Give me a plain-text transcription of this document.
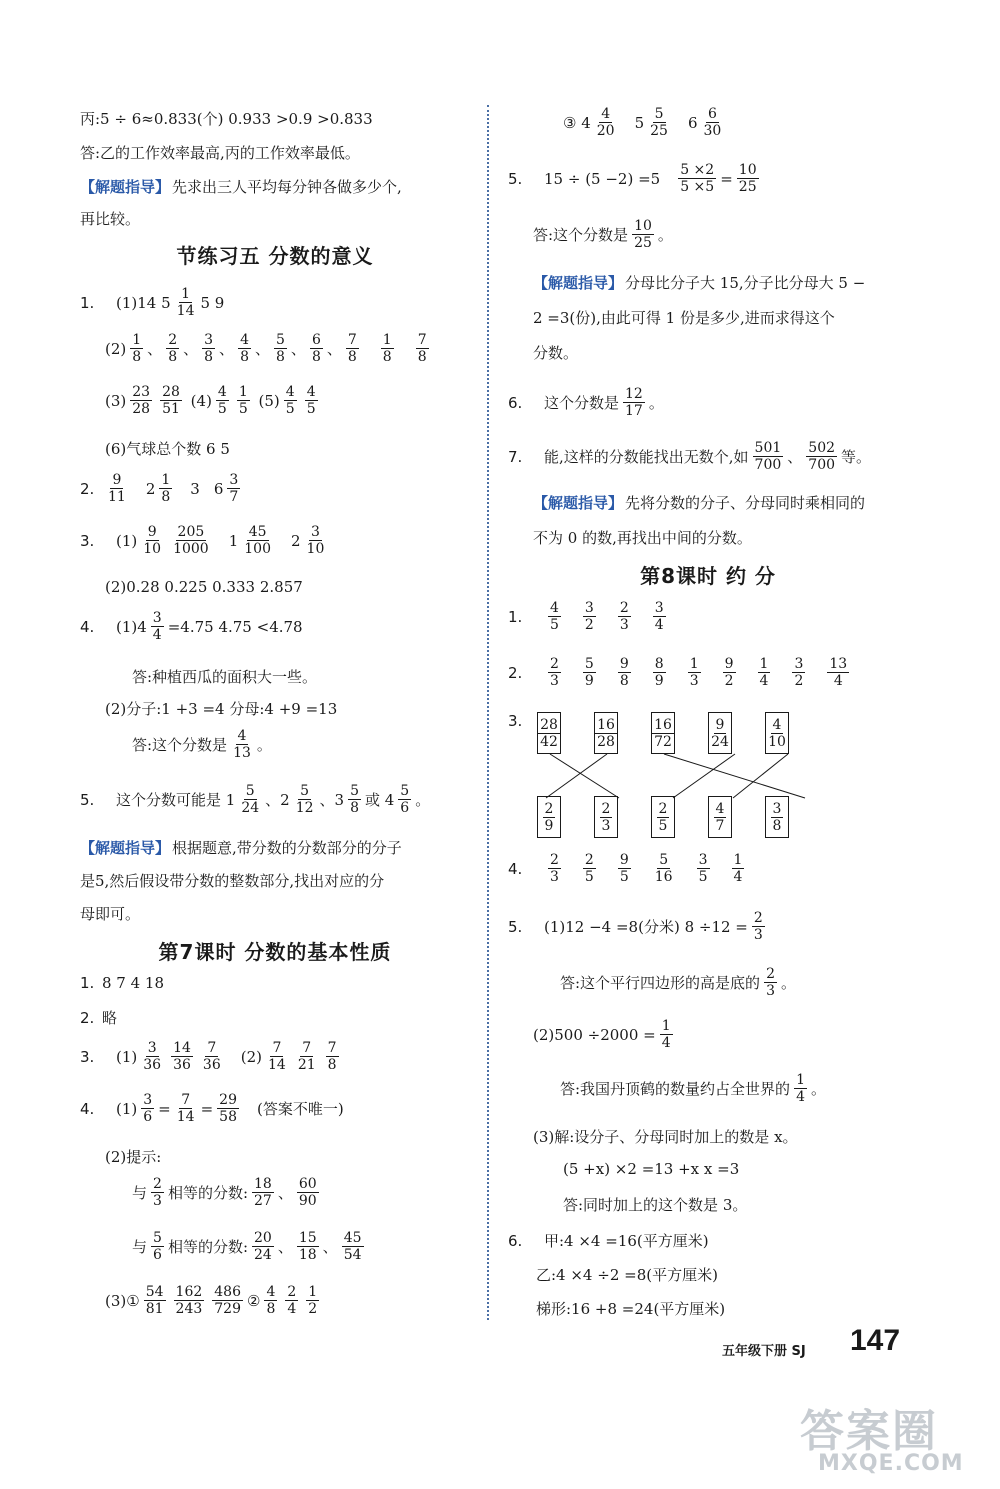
丙:5 ÷ 6≈0.833(个) 0.933 >0.9 >0.833
答:乙的工作效率最高,丙的工作效率最低。
【解题指导】 先求出三人平均每分钟各做多少个,
再比较。
节练习五 分数的意义
1.	(1)14 $5 \frac{1}{14} 5$ 9
$(2) \frac{1}{8}$ 、 $\frac{2}{8}$ 、 $\frac{3}{8}$ 、 $\frac{4}{8}$ 、 $\frac{5}{8}$ 、 $\frac{6}{8}$ 、 $\frac{7}{8} \frac{1}{8} \frac{7}{8}$
$(3) \frac{23}{28} \frac{28}{51} (4) \frac{4}{5} \frac{1}{5} (5) \frac{4}{5} \frac{4}{5}$
(6)气球总个数 6 5
2. $\frac{9}{11} 2 \frac{1}{8} 3$ $6 \frac{3}{7}$
3.	$(1) \frac{9}{10} \frac{205}{1000} 1 \frac{45}{100} 2 \frac{3}{10}$
(2)0.28 0.225 0.333 2.857
4.	$(1)4 \frac{3}{4} =4.75$ 4.75 <4.78
答:种植西瓜的面积大一些。
(2)分子:1 +3 =4 分母:4 +9 =13
答:这个分数是 $\frac{4}{13}$ 。
5.	这个分数可能是 $1 \frac{5}{24}$ 、$2 \frac{5}{12}$ 、$3 \frac{5}{8}$ 或 $4 \frac{5}{6}$ 。
【解题指导】 根据题意,带分数的分数部分的分子
是5,然后假设带分数的整数部分,找出对应的分
母即可。
第7课时 分数的基本性质
1. 8 7 4 18
2. 略
3.	$(1) \frac{3}{36} \frac{14}{36} \frac{7}{36} (2) \frac{7}{14} \frac{7}{21} \frac{7}{8}$
4.	$(1) \frac{3}{6} = \frac{7}{14} = \frac{29}{58}$ (答案不唯一)
(2)提示:
与 $\frac{2}{3}$ 相等的分数: $\frac{18}{27}$ 、 $\frac{60}{90}$
与 $\frac{5}{6}$ 相等的分数: $\frac{20}{24}$ 、 $\frac{15}{18}$ 、 $\frac{45}{54}$
(3)① $\frac{54}{81} \frac{162}{243} \frac{486}{729}$ ② $\frac{4}{8} \frac{2}{4} \frac{1}{2}$
③ $4 \frac{4}{20} 5 \frac{5}{25} 6 \frac{6}{30}$
5.	$15 \div (5 -2) =5 \frac{5 \times 2}{5 \times 5} = \frac{10}{25}$
答:这个分数是 $\frac{10}{25}$ 。
【解题指导】 分母比分子大 15,分子比分母大 5 −
2 =3(份),由此可得 1 份是多少,进而求得这个
分数。
6.	这个分数是 $\frac{12}{17}$ 。
7.	能,这样的分数能找出无数个,如 $\frac{501}{700}$ 、 $\frac{502}{700}$ 等。
【解题指导】 先将分数的分子、分母同时乘相同的
不为 0 的数,再找出中间的分数。
第8课时 约 分
1.	$\frac{4}{5} \frac{3}{2} \frac{2}{3} \frac{3}{4}$
2.	$\frac{2}{3} \frac{5}{9} \frac{9}{8} \frac{8}{9} \frac{1}{3} \frac{9}{2} \frac{1}{4} \frac{3}{2} \frac{13}{4}$
3.	$\frac{28}{42}$	$\frac{16}{28}$	$\frac{16}{72}$	$\frac{9}{24}$	$\frac{4}{10}$
$\frac{2}{9}$	$\frac{2}{3}$	$\frac{2}{5}$	$\frac{4}{7}$	$\frac{3}{8}$
4.	$\frac{2}{3} \frac{2}{5} \frac{9}{5} \frac{5}{16} \frac{3}{5} \frac{1}{4}$
5.	(1)12 −4 =8(分米) $8 \div 12 = \frac{2}{3}$
答:这个平行四边形的高是底的 $\frac{2}{3}$ 。
$(2)500 \div 2000 = \frac{1}{4}$
答:我国丹顶鹤的数量约占全世界的 $\frac{1}{4}$ 。
(3)解:设分子、分母同时加上的数是 x。
(5 +x) ×2 =13 +x x =3
答:同时加上的这个数是 3。
6.	甲:4 ×4 =16(平方厘米)
乙:4 ×4 ÷2 =8(平方厘米)
梯形:16 +8 =24(平方厘米)
五年级下册 SJ 147
答案圈
MXQE.COM
